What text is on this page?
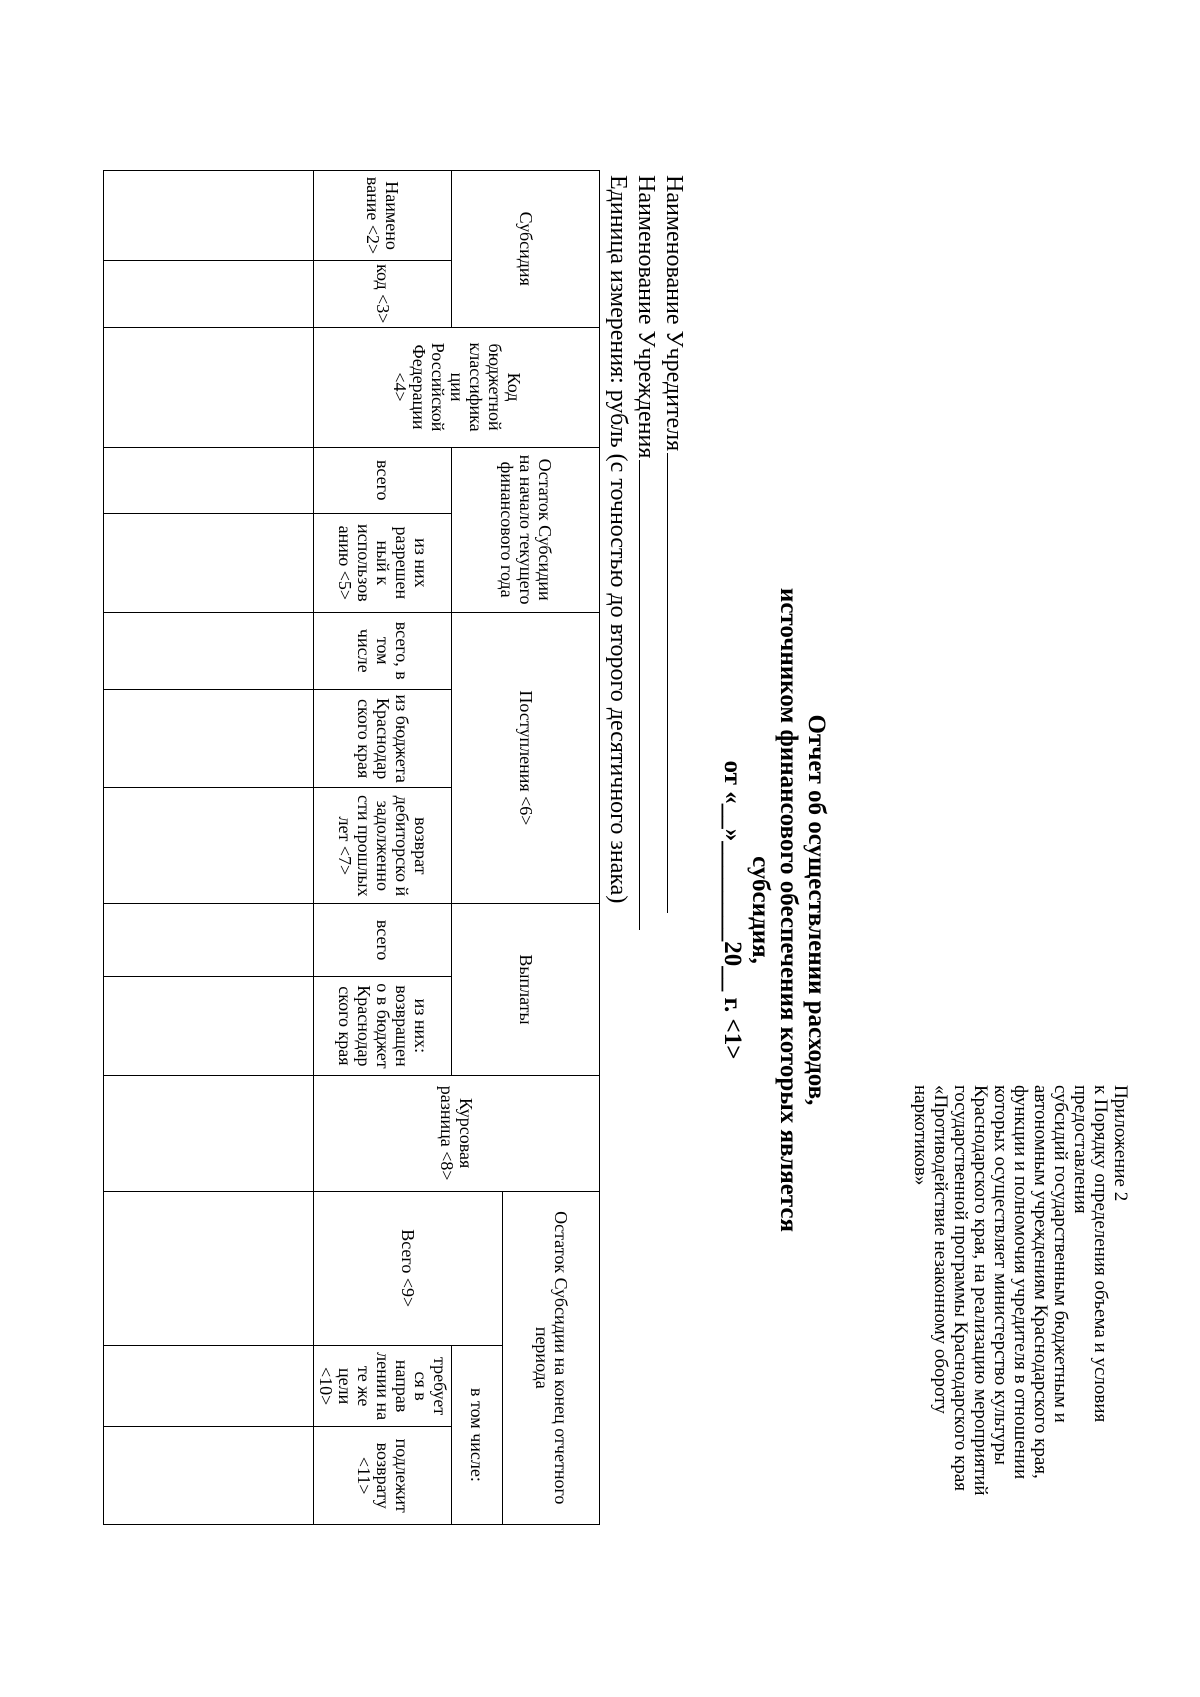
Приложение 2

к Порядку определения объема и условия

предоставления

субсидий государственным бюджетным и

автономным учреждениям Краснодарского края,

функции и полномочия учредителя в отношении

которых осуществляет министерство культуры

Краснодарского края, на реализацию мероприятий

государственной программы Краснодарского края

«Противодействие незаконному обороту

наркотиков»

Отчет об осуществлении расходов,
источником финансового обеспечения которых является субсидия,
от «__»________20__ г. <1>
Наименование Учредителя
Наименование Учреждения
Единица измерения: рубль (с точностью до второго десятичного знака)
Субсидия		Код бюджетной классифика ции Российской Федерации <4>	Остаток Субсидии на начало текущего финансового года		Поступления <6>			Выплаты		Курсовая разница <8>	Остаток Субсидии на конец отчетного периода		
											Всего <9>	в том числе:	
Наимено вание <2>	код <3>		всего	из них разрешен ный к использов анию <5>	всего, в том числе	из бюджета Краснодар ского края	возврат дебиторско й задолженно сти прошлых лет <7>	всего	из них: возвращен о в бюджет Краснодар ского края			требует ся в направ лении на те же цели <10>	подлежит возврату <11>
